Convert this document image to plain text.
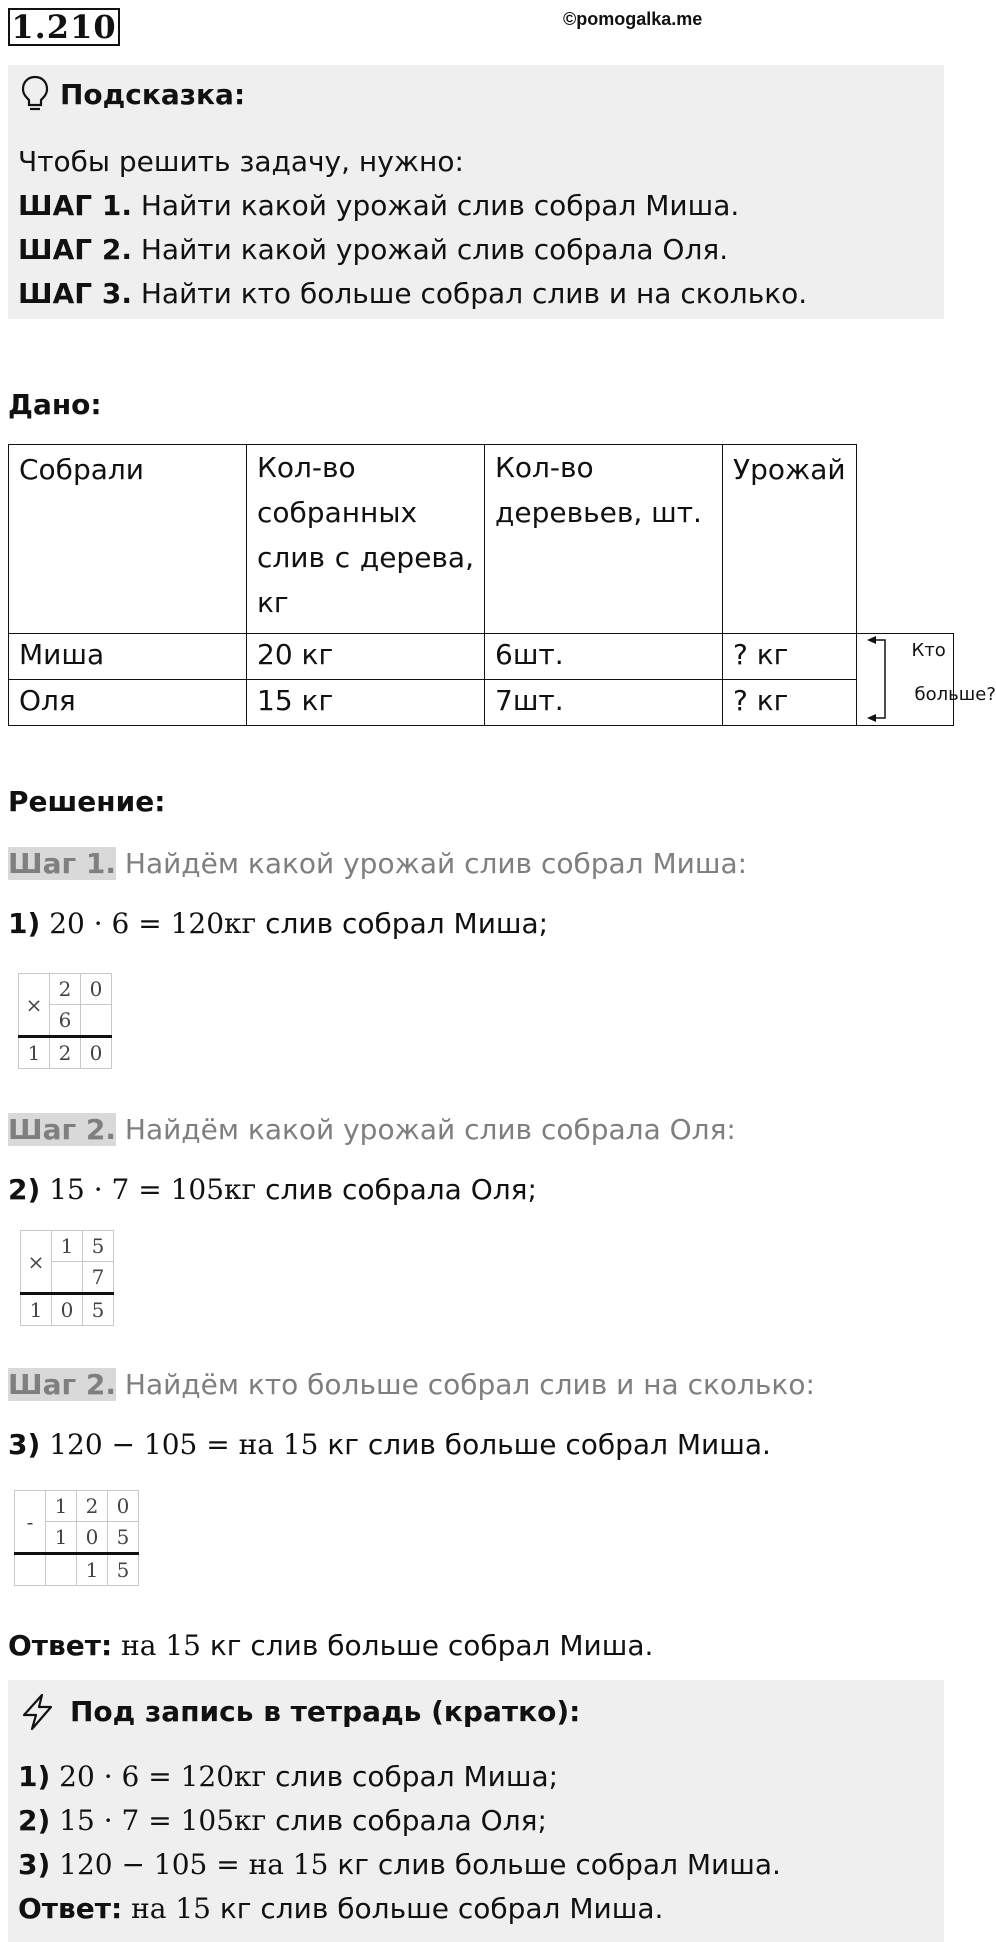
1.210	©pomogalka.me
Подсказка:
Чтобы решить задачу, нужно:
ШАГ 1. Найти какой урожай слив собрал Миша.
ШАГ 2. Найти какой урожай слив собрала Оля.
ШАГ 3. Найти кто больше собрал слив и на сколько.
Дано:
Собрали	Кол-во собранных слив с дерева, кг	Кол-во деревьев, шт.	Урожай	
Миша	20 кг	6шт.	? кг	Кто
больше?

Оля	15 кг	7шт.	? кг	
Решение:
Шаг 1. Найдём какой урожай слив собрал Миша:
1) 20 · 6 = 120кг слив собрал Миша;
×	2	0
	6	
1	2	0
Шаг 2. Найдём какой урожай слив собрала Оля:
2) 15 · 7 = 105кг слив собрала Оля;
×	1	5
		7
1	0	5
Шаг 2. Найдём кто больше собрал слив и на сколько:
3) 120 − 105 = на 15 кг слив больше собрал Миша.
-	1	2	0
	1	0	5
		1	5
Ответ: на 15 кг слив больше собрал Миша.
Под запись в тетрадь (кратко):
1) 20 · 6 = 120кг слив собрал Миша;
2) 15 · 7 = 105кг слив собрала Оля;
3) 120 − 105 = на 15 кг слив больше собрал Миша.
Ответ: на 15 кг слив больше собрал Миша.
